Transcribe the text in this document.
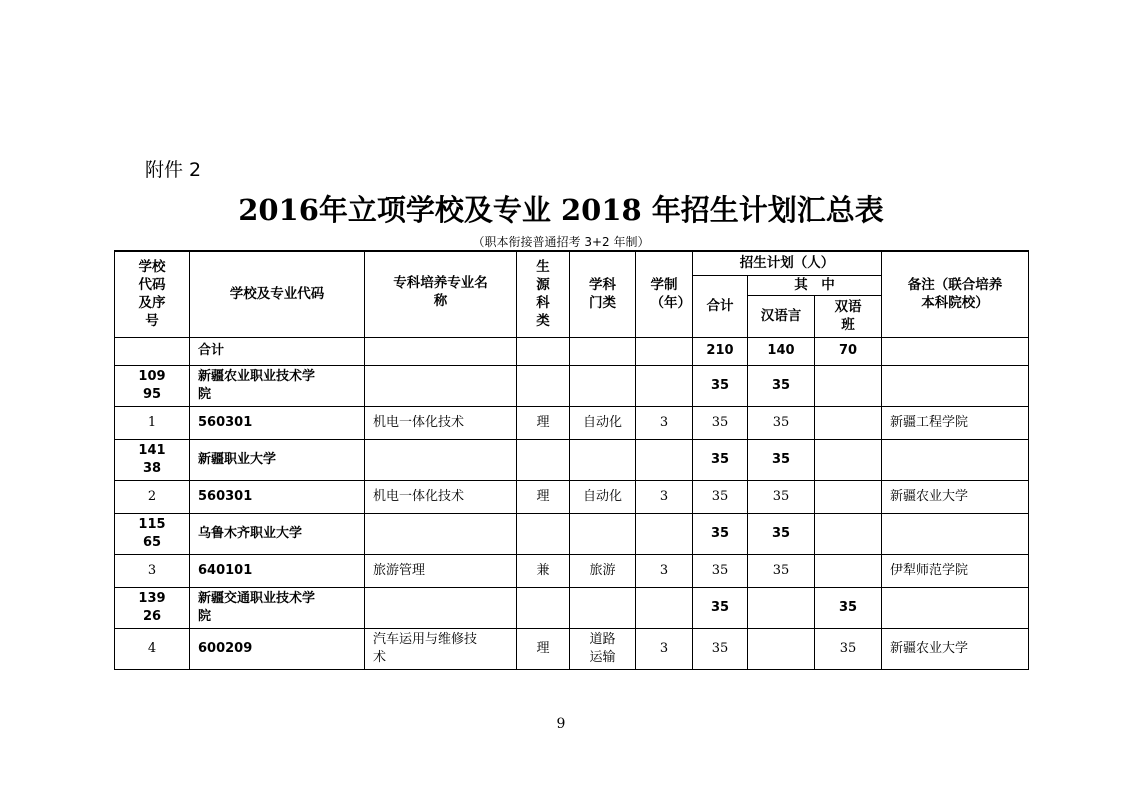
附件 2
2016年立项学校及专业 2018 年招生计划汇总表
（职本衔接普通招考 3+2 年制）
学校代码及序号	学校及专业代码	专科培养专业名称	生源科类	学科门类	学制（年）	招生计划（人）			备注（联合培养本科院校）

						合计	其　中		
							汉语言	双语班	

	合计					210	140	70	

10995	新疆农业职业技术学院					35	35		
1	560301	机电一体化技术	理	自动化	3	35	35		新疆工程学院

14138	新疆职业大学					35	35		
2	560301	机电一体化技术	理	自动化	3	35	35		新疆农业大学

11565	乌鲁木齐职业大学					35	35		
3	640101	旅游管理	兼	旅游	3	35	35		伊犁师范学院

13926	新疆交通职业技术学院					35		35	
4	600209	汽车运用与维修技术	理	道路运输	3	35		35	新疆农业大学
9
